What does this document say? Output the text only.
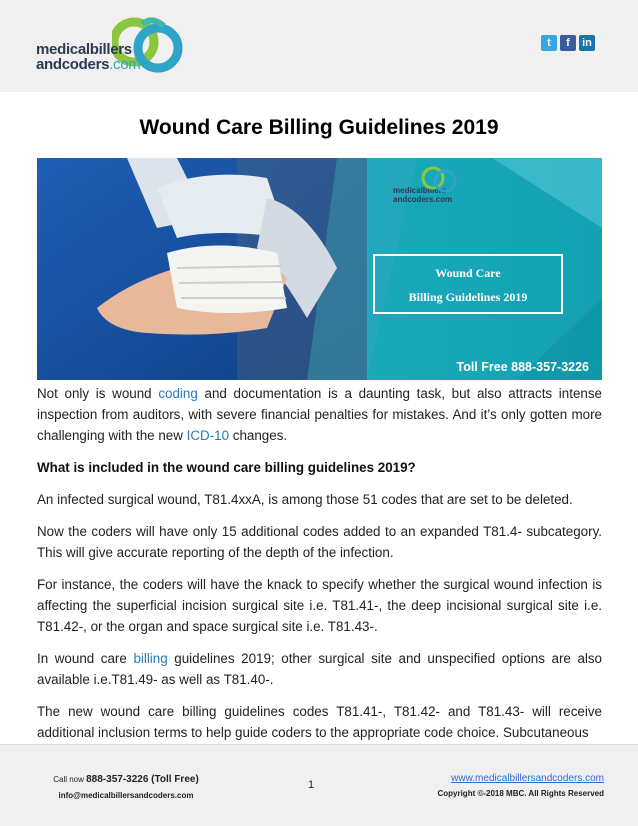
medicalbillers
andcoders.com
t	f	in
Wound Care Billing Guidelines 2019
medicalbillers
andcoders.com
Wound Care
Billing Guidelines 2019
Toll Free 888-357-3226

Not only is wound coding and documentation is a daunting task, but also attracts intense inspection from auditors, with severe financial penalties for mistakes. And it’s only gotten more challenging with the new ICD-10 changes.

What is included in the wound care billing guidelines 2019?

An infected surgical wound, T81.4xxA, is among those 51 codes that are set to be deleted.

Now the coders will have only 15 additional codes added to an expanded T81.4- subcategory. This will give accurate reporting of the depth of the infection.

For instance, the coders will have the knack to specify whether the surgical wound infection is affecting the superficial incision surgical site i.e. T81.41-, the deep incisional surgical site i.e. T81.42-, or the organ and space surgical site i.e. T81.43-.

In wound care billing guidelines 2019; other surgical site and unspecified options are also available i.e.T81.49- as well as T81.40-.

The new wound care billing guidelines codes T81.41-, T81.42- and T81.43- will receive additional inclusion terms to help guide coders to the appropriate code choice. Subcutaneous

Call now 888-357-3226 (Toll Free)
info@medicalbillersandcoders.com
1
www.medicalbillersandcoders.com
Copyright ©-2018 MBC. All Rights Reserved
